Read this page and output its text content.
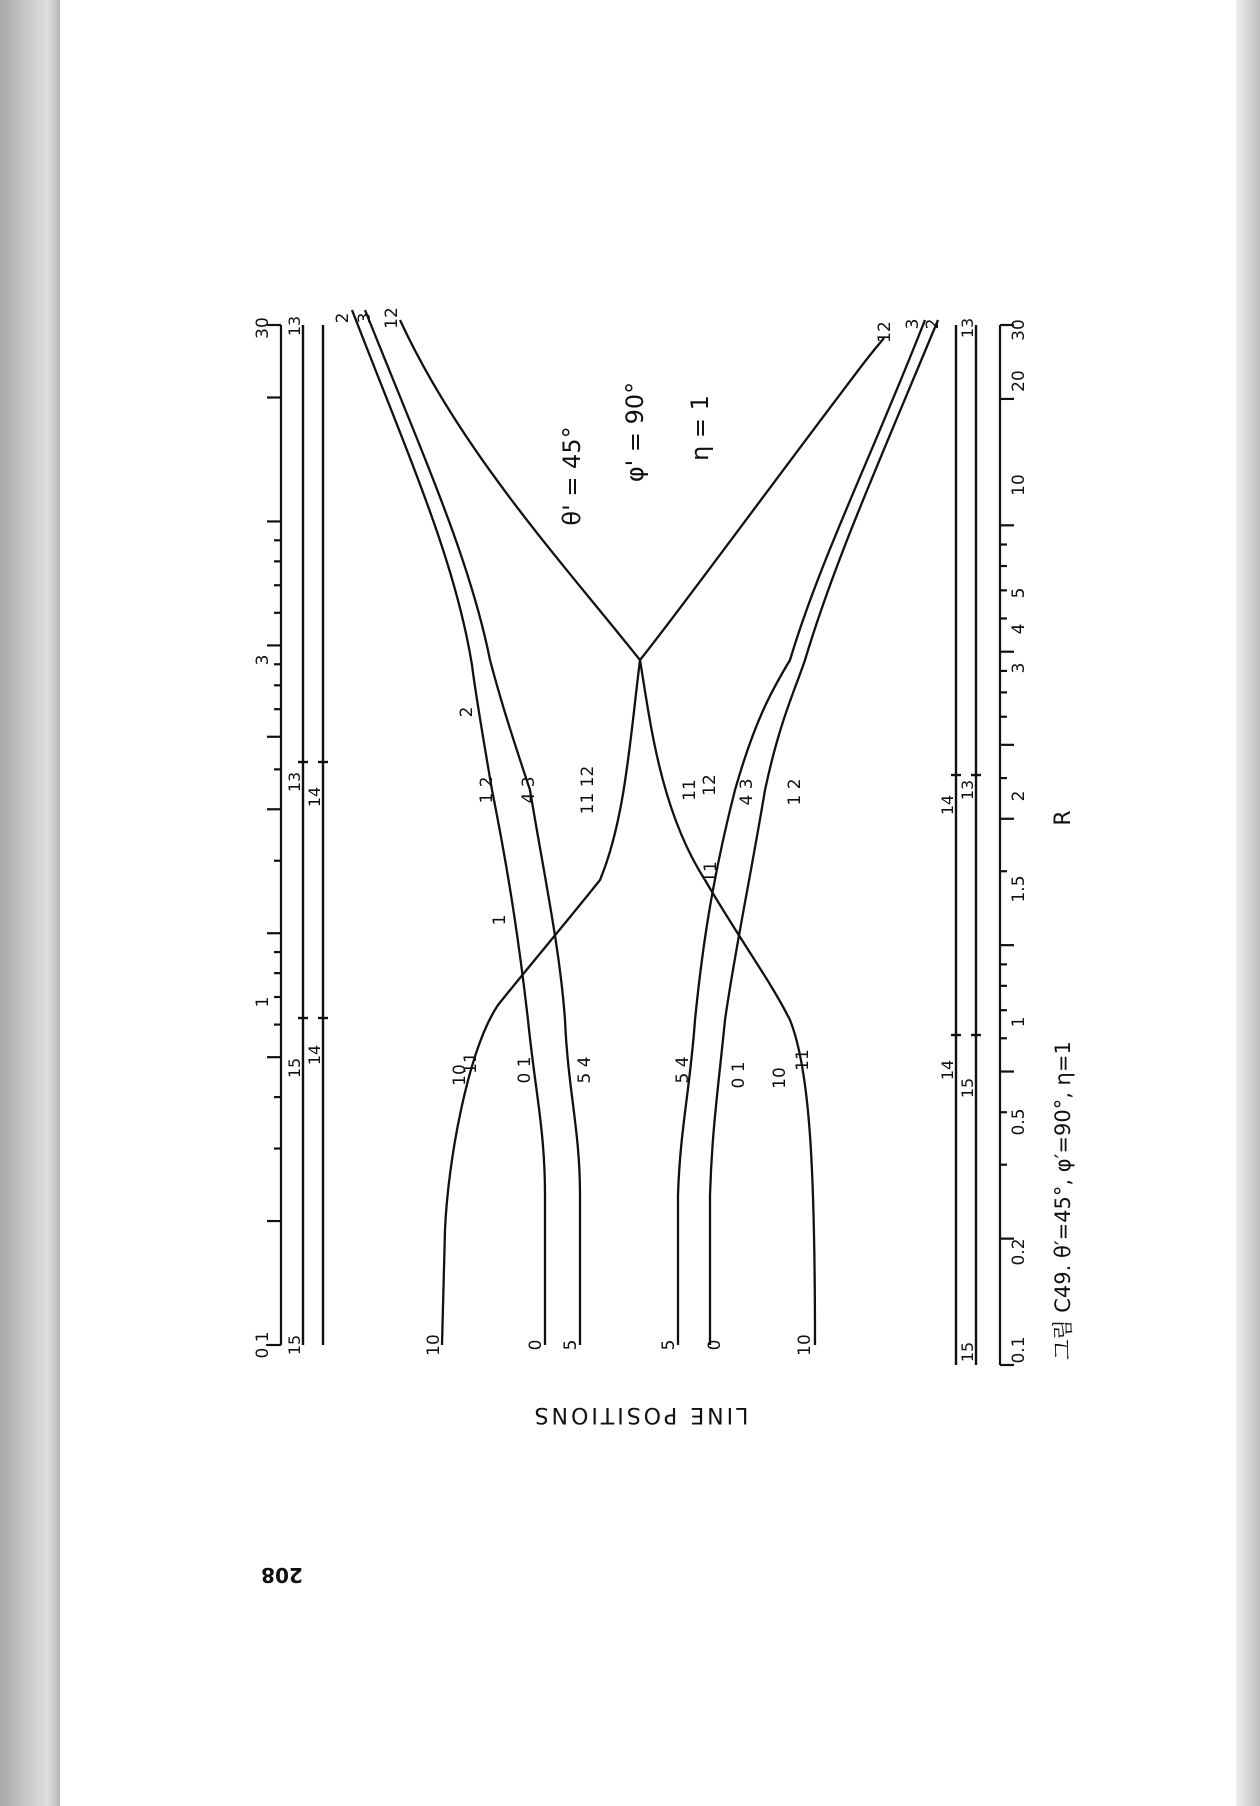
208
그림 C49. θ′=45°, φ′=90°, η=1
R
LINE POSITIONS
θ' = 45° φ' = 90° η = 1
0.1
1
3
30
15
15
13
13
14
14
0.1
0.2
0.5
1
1.5
2
3
4
5
10
20
30
14
14
15
15
13
13
10	0 5	5 0	10
2 3 12
12 3 2
10
11 0 1 5 4
1
1 2 4 3 11 12
2
5 4 0 1 10
11
11
11 12 4 3 1 2
